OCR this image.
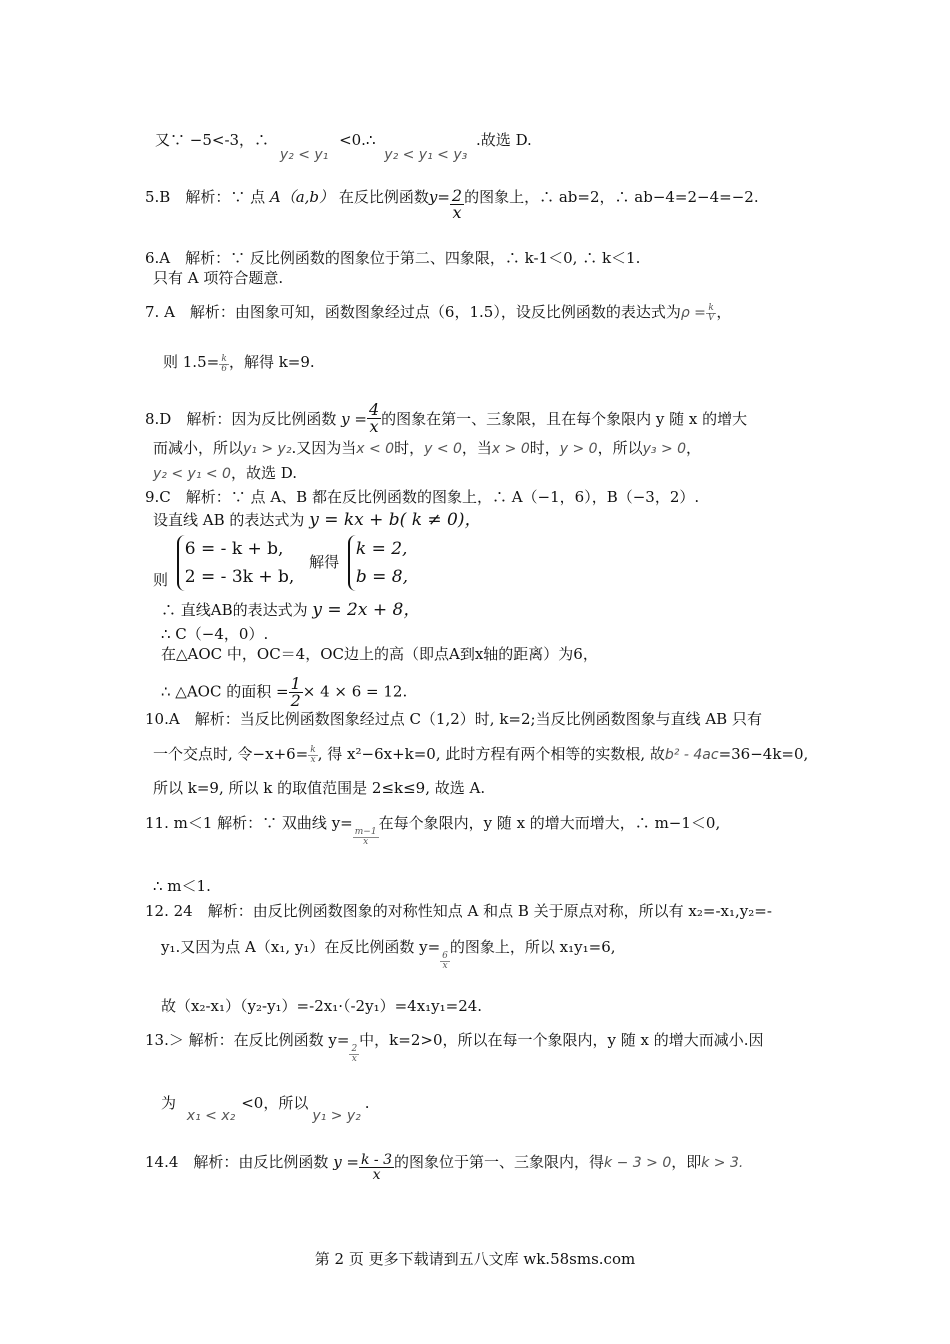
又∵ −5<-3，∴ y₂ < y₁ <0.∴ y₂ < y₁ < y₃ .故选 D.
5.B　解析：∵ 点 A（a,b） 在反比例函数$y= \frac{2}{x}$ 的图象上，∴ ab=2，∴ ab−4=2−4=−2.
6.A　解析：∵ 反比例函数的图象位于第二、四象限，∴ k-1＜0, ∴ k＜1.
只有 A 项符合题意.
7. A　解析：由图象可知，函数图象经过点（6，1.5），设反比例函数的表达式为$\rho = \frac{k}{V}$ ，
则 $1.5= \frac{k}{6}$ ，解得 k=9.
8.D　解析：因为反比例函数 $y = \frac{4}{x}$ 的图象在第一、三象限，且在每个象限内 y 随 x 的增大
而减小，所以y₁ > y₂.又因为当x < 0时，y < 0，当x > 0时，y > 0，所以y₃ > 0，
y₂ < y₁ < 0，故选 D.
9.C　解析：∵ 点 A、B 都在反比例函数的图象上，∴ A（−1，6），B（−3，2）.
设直线 AB 的表达式为 y = kx + b( k ≠ 0)，
则
6 = - k + b,
2 = - 3k + b,
解得
k = 2,
b = 8,
∴ 直线AB的表达式为 y = 2x + 8，
∴ C（−4，0）.
在△AOC 中，OC＝4，OC边上的高（即点A到x轴的距离）为6，
∴ △AOC 的面积 = $\frac{1}{2} \times 4 \times 6 = 12$.
10.A　解析：当反比例函数图象经过点 C（1,2）时, k=2;当反比例函数图象与直线 AB 只有
一个交点时, 令$-x+6= \frac{k}{x}$ , 得 x²−6x+k=0, 此时方程有两个相等的实数根, 故b² - 4ac=36−4k=0,
所以 k=9, 所以 k 的取值范围是 2≤k≤9, 故选 A.
11. m＜1 解析：∵ 双曲线 y=
$\frac{m-1}{x}$
在每个象限内，y 随 x 的增大而增大，∴ m−1＜0,
∴ m＜1.
12. 24　解析：由反比例函数图象的对称性知点 A 和点 B 关于原点对称，所以有 x₂=-x₁,y₂=-
y₁.又因为点 A（x₁, y₁）在反比例函数 y=
$\frac{6}{x}$
的图象上，所以 x₁y₁=6,
故（x₂-x₁）（y₂-y₁）=-2x₁·（-2y₁）=4x₁y₁=24.
13.＞ 解析：在反比例函数 y=
$\frac{2}{x}$
中，k=2>0，所以在每一个象限内，y 随 x 的增大而减小.因
为 x₁ < x₂<0，所以y₁ > y₂.
14.4　解析：由反比例函数 $y = \frac{k - 3}{x}$ 的图象位于第一、三象限内，得k − 3 > 0，即k > 3.
第 2 页 更多下载请到五八文库 wk.58sms.com
